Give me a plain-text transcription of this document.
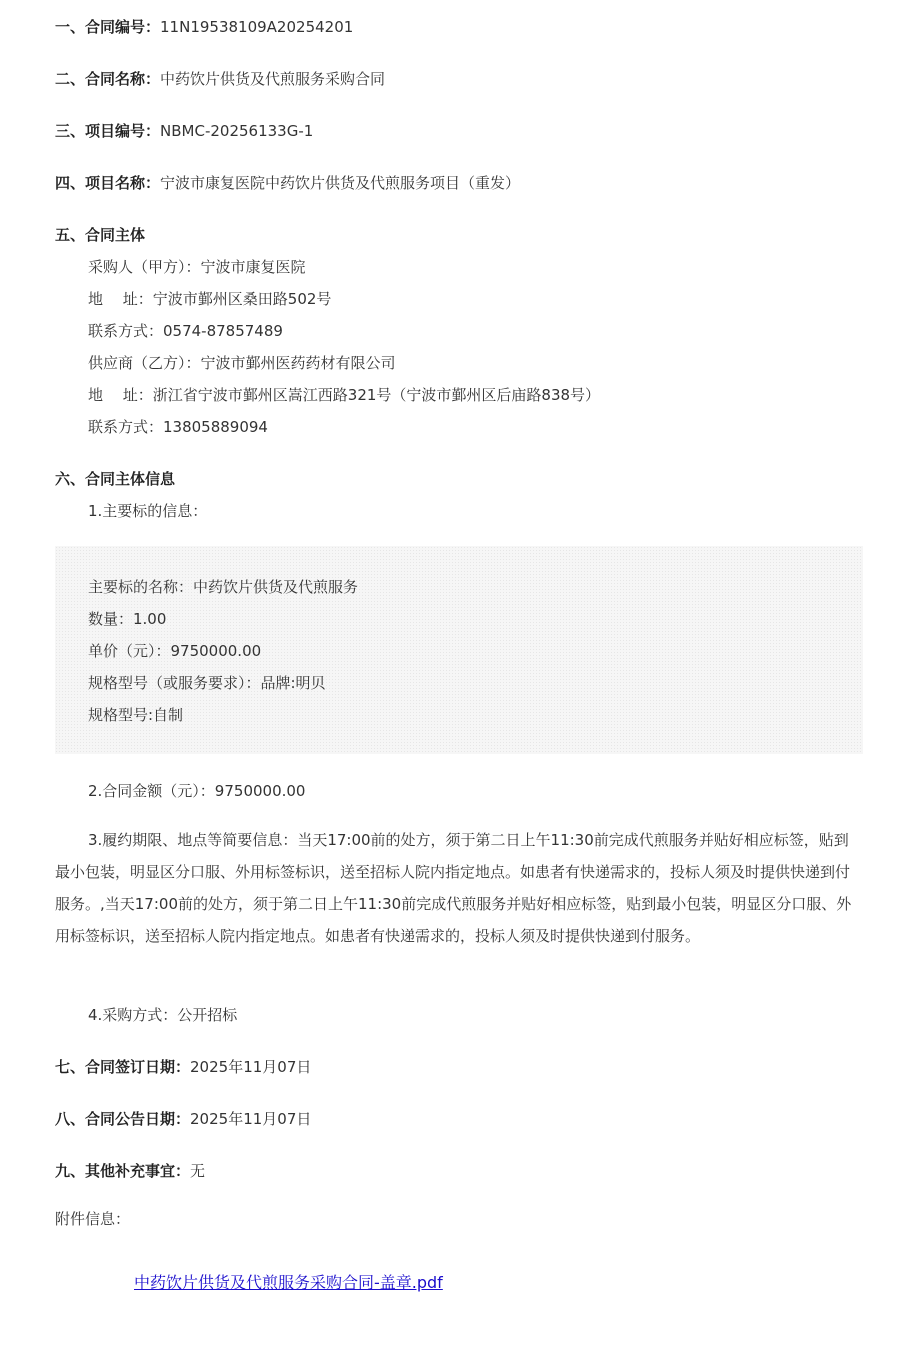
一、合同编号：11N19538109A20254201
二、合同名称：中药饮片供货及代煎服务采购合同
三、项目编号：NBMC-20256133G-1
四、项目名称：宁波市康复医院中药饮片供货及代煎服务项目（重发）
五、合同主体
采购人（甲方）：宁波市康复医院
地　 址：宁波市鄞州区桑田路502号
联系方式：0574-87857489
供应商（乙方）：宁波市鄞州医药药材有限公司
地　 址：浙江省宁波市鄞州区嵩江西路321号（宁波市鄞州区后庙路838号）
联系方式：13805889094
六、合同主体信息
1.主要标的信息：
主要标的名称：中药饮片供货及代煎服务
数量：1.00
单价（元）：9750000.00
规格型号（或服务要求）：品牌:明贝
规格型号:自制
2.合同金额（元）：9750000.00
3.履约期限、地点等简要信息：当天17:00前的处方，须于第二日上午11:30前完成代煎服务并贴好相应标签，贴到最小包装，明显区分口服、外用标签标识，送至招标人院内指定地点。如患者有快递需求的，投标人须及时提供快递到付服务。,当天17:00前的处方，须于第二日上午11:30前完成代煎服务并贴好相应标签，贴到最小包装，明显区分口服、外用标签标识，送至招标人院内指定地点。如患者有快递需求的，投标人须及时提供快递到付服务。
4.采购方式：公开招标
七、合同签订日期：2025年11月07日
八、合同公告日期：2025年11月07日
九、其他补充事宜：无
附件信息：
中药饮片供货及代煎服务采购合同-盖章.pdf
